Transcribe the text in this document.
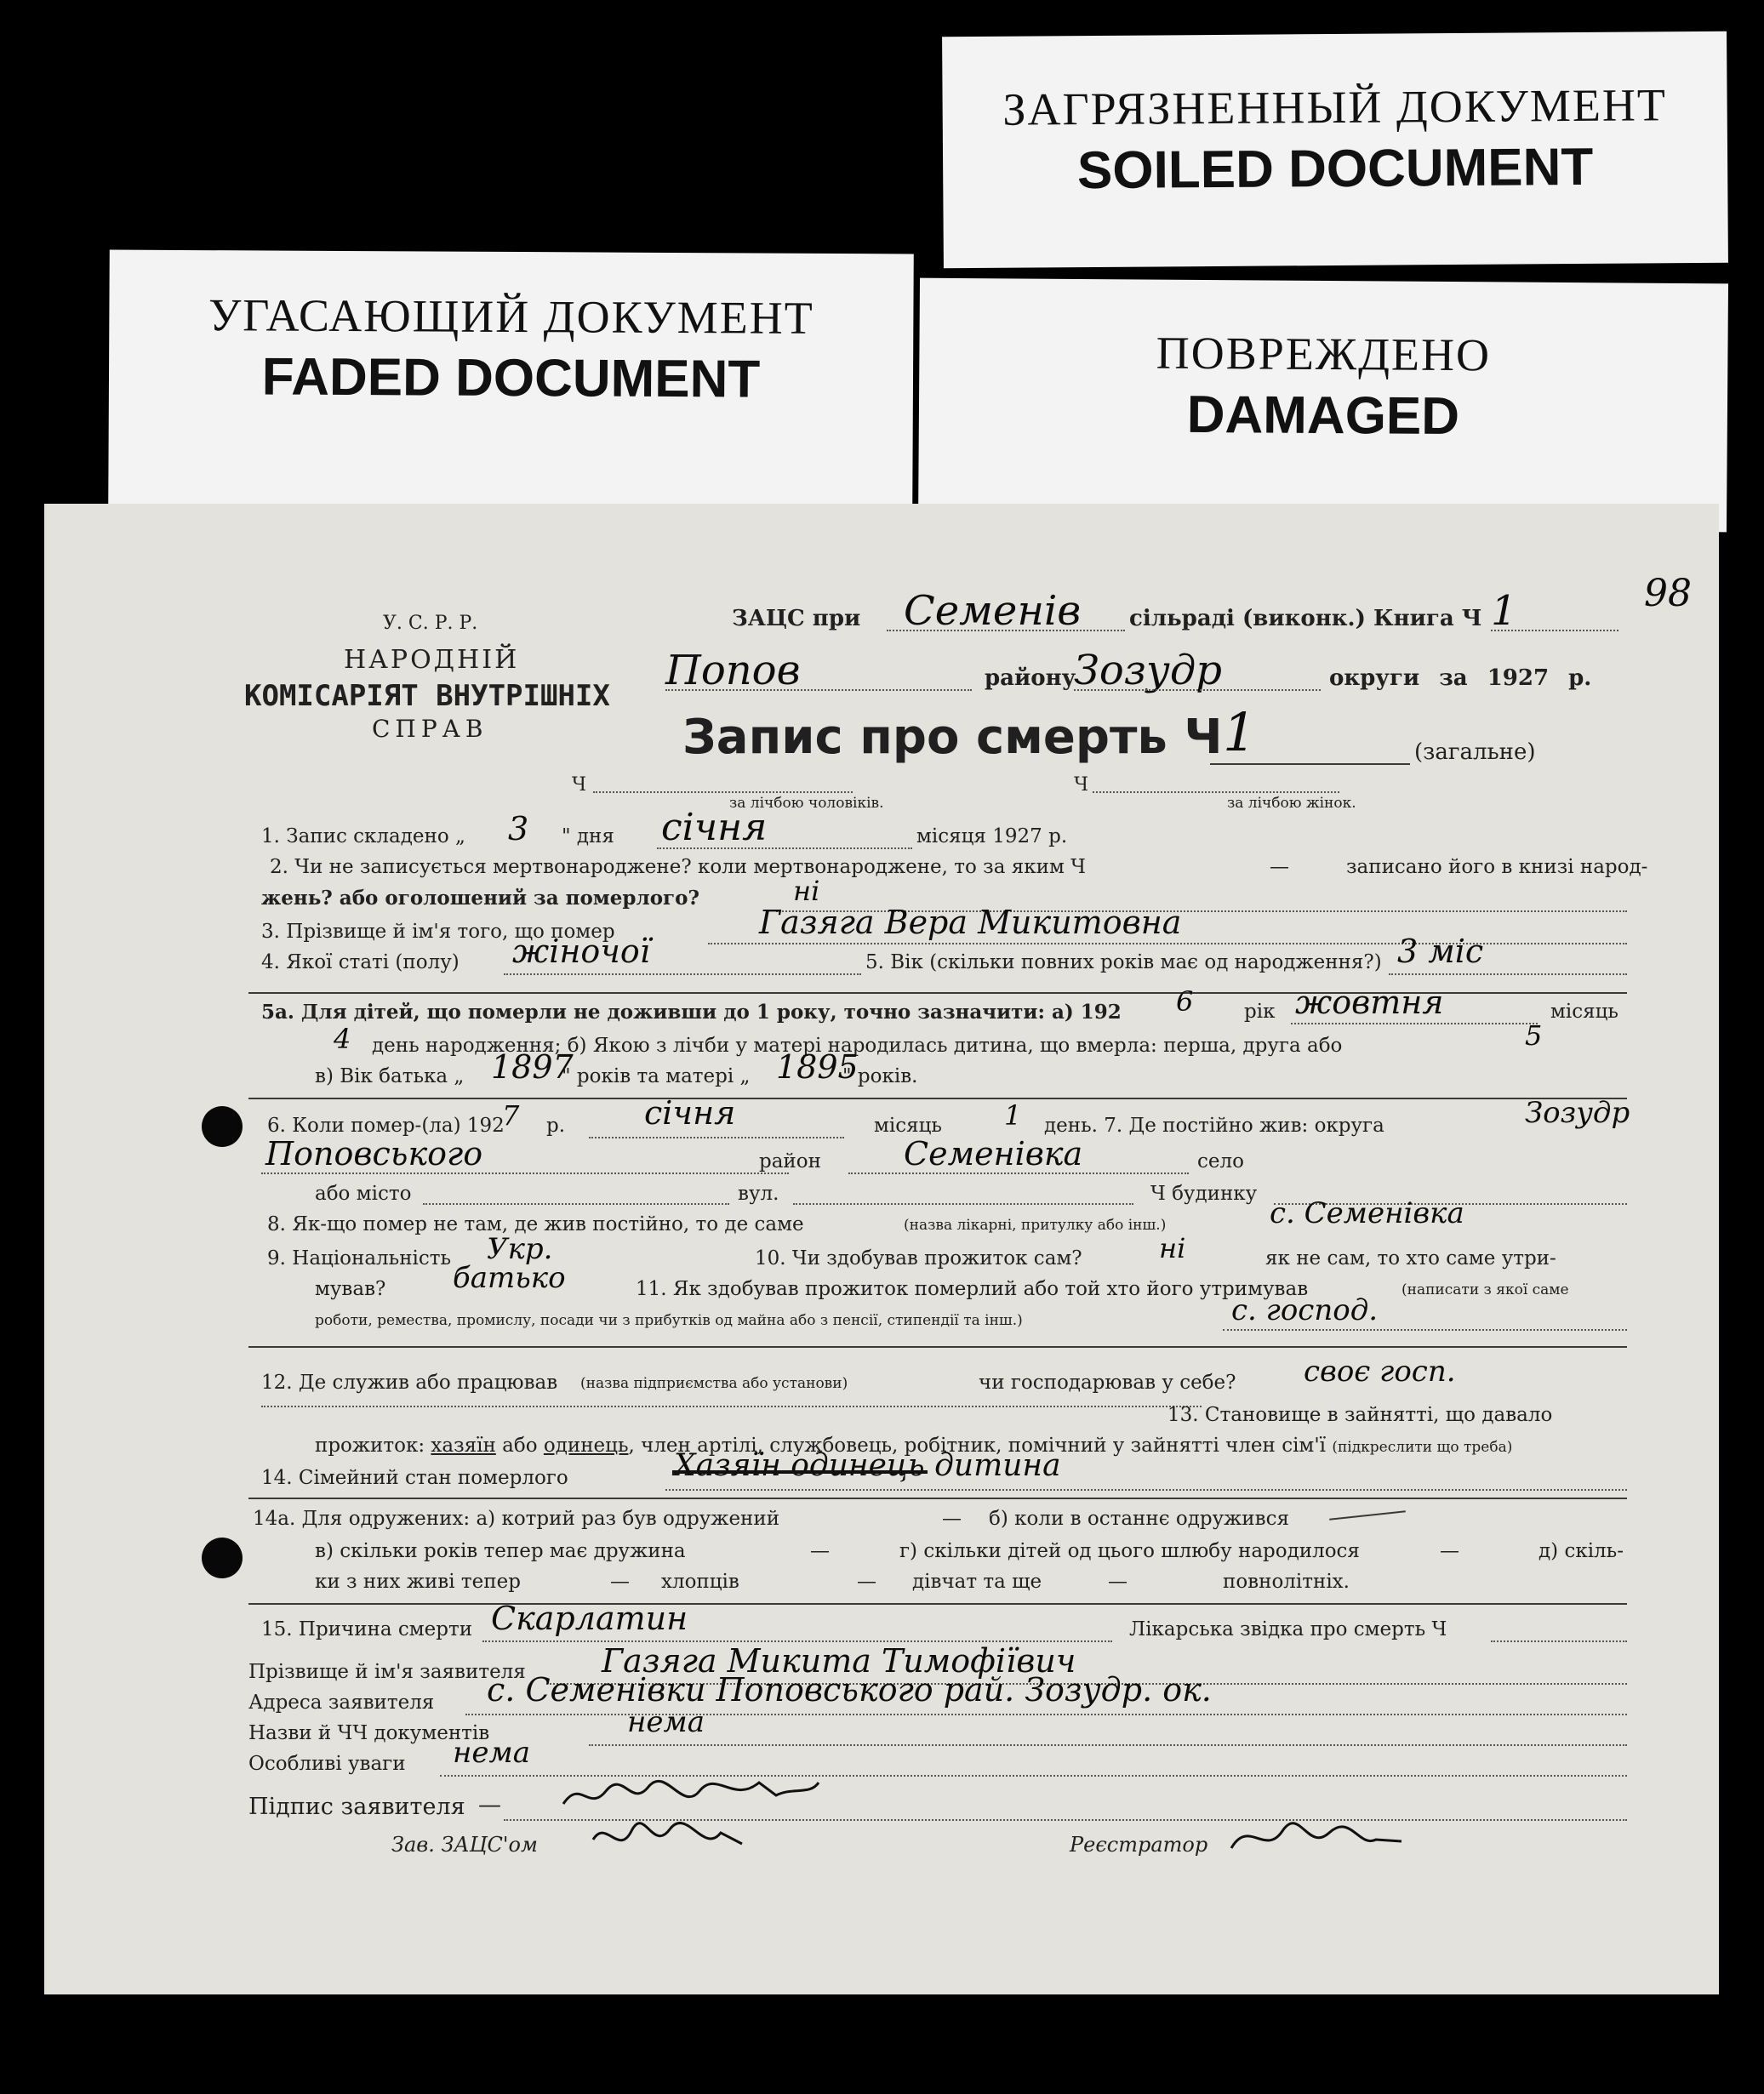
ЗАГРЯЗНЕННЫЙ ДОКУМЕНТ
SOILED DOCUMENT
УГАСАЮЩИЙ ДОКУМЕНТ
FADED DOCUMENT	ПОВРЕЖДЕНО
DAMAGED
98
У. С. Р. Р.
НАРОДНІЙ
КОМІСАРІЯТ ВНУТРІШНІХ
СПРАВ
ЗАЦС при Семенів сільраді (виконк.) Книга Ч 1
Попов	району
Зозудр	округи за 1927 р.
Запис про смерть Ч 1	(загальне)
Ч
за лічбою чоловіків.
Ч
за лічбою жінок.
1. Запис складено „ 3 " дня січня	місяця 1927 р.
2. Чи не записується мертвонароджене? коли мертвонароджене, то за яким Ч	—	записано його в книзі народ-
жень? або оголошений за померлого?	ні
3. Прізвище й ім'я того, що помер	Газяга Вера Микитовна
4. Якої статі (полу) жіночої	5. Вік (скільки повних років має од народження?) 3 міс
5а. Для дітей, що померли не доживши до 1 року, точно зазначити: а) 192 6	рік жовтня	місяць
4 день народження; б) Якою з лічби у матері народилась дитина, що вмерла: перша, друга або	5
в) Вік батька „ 1897
" років та матері „ 1895
" років.
6. Коли помер-(ла) 192
7 р. січня	місяць 1 день. 7. Де постійно жив: округа	Зозудр
Поповського	район	Семенівка	село
або місто	вул.	Ч будинку
8. Як-що помер не там, де жив постійно, то де саме	(назва лікарні, притулку або інш.)	с. Семенівка
9. Національність Укр.	10. Чи здобував прожиток сам?	ні	як не сам, то хто саме утри-
мував? батько	11. Як здобував прожиток померлий або той хто його утримував	(написати з якої саме
роботи, ремества, промислу, посади чи з прибутків од майна або з пенсії, стипендії та інш.)	с. господ.
12. Де служив або працював (назва підприємства або установи)	чи господарював у себе? своє госп.
13. Становище в зайнятті, що давало
прожиток: хазяїн або одинець, член артілі, службовець, робітник, помічний у зайнятті член сім'ї (підкреслити що треба)
14. Сімейний стан померлого	Хазяїн одинець дитина
14а. Для одружених: а) котрий раз був одружений	— б) коли в останнє одружився
в) скільки років тепер має дружина	—	г) скільки дітей од цього шлюбу народилося	—	д) скіль-
ки з них живі тепер	— хлопців	— дівчат та ще	—	повнолітніх.
15. Причина смерти Скарлатин	Лікарська звідка про смерть Ч
Прізвище й ім'я заявителя Газяга Микита Тимофіївич
Адреса заявителя с. Семенівки Поповського рай. Зозудр. ок.
Назви й ЧЧ документів	нема
Особливі уваги нема
Підпис заявителя —
Зав. ЗАЦС'ом	Реєстратор
